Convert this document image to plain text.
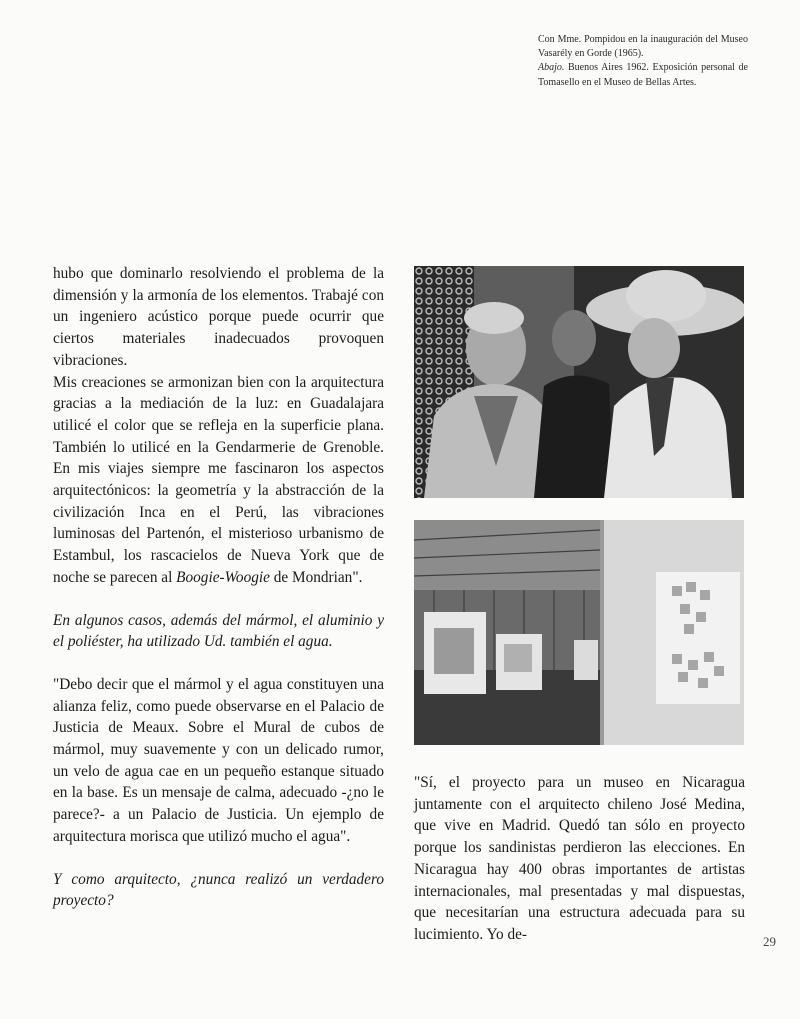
Con Mme. Pompidou en la inauguración del Museo Vasarély en Gorde (1965).

Abajo. Buenos Aires 1962. Exposición personal de Tomasello en el Museo de Bellas Artes.

hubo que dominarlo resolviendo el problema de la dimensión y la armonía de los elementos. Trabajé con un ingeniero acústico porque puede ocurrir que ciertos materiales inadecuados provoquen vibraciones.

Mis creaciones se armonizan bien con la arquitectura gracias a la mediación de la luz: en Guadalajara utilicé el color que se refleja en la superficie plana. También lo utilicé en la Gendarmerie de Grenoble. En mis viajes siempre me fascinaron los aspectos arquitectónicos: la geometría y la abstracción de la civilización Inca en el Perú, las vibraciones luminosas del Partenón, el misterioso urbanismo de Estambul, los rascacielos de Nueva York que de noche se parecen al Boogie-Woogie de Mondrian".

En algunos casos, además del mármol, el aluminio y el poliéster, ha utilizado Ud. también el agua.

"Debo decir que el mármol y el agua constituyen una alianza feliz, como puede observarse en el Palacio de Justicia de Meaux. Sobre el Mural de cubos de mármol, muy suavemente y con un delicado rumor, un velo de agua cae en un pequeño estanque situado en la base. Es un mensaje de calma, adecuado -¿no le parece?- a un Palacio de Justicia. Un ejemplo de arquitectura morisca que utilizó mucho el agua".

Y como arquitecto, ¿nunca realizó un verdadero proyecto?

"Sí, el proyecto para un museo en Nicaragua juntamente con el arquitecto chileno José Medina, que vive en Madrid. Quedó tan sólo en proyecto porque los sandinistas perdieron las elecciones. En Nicaragua hay 400 obras importantes de artistas internacionales, mal presentadas y mal dispuestas, que necesitarían una estructura adecuada para su lucimiento. Yo de-	29
